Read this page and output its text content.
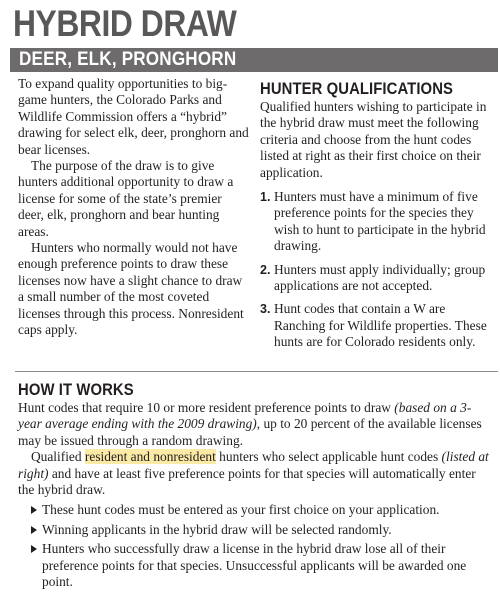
HYBRID DRAW
DEER, ELK, PRONGHORN

To expand quality opportunities to big-game hunters, the Colorado Parks and Wildlife Commission offers a “hybrid” drawing for select elk, deer, pronghorn and bear licenses.

The purpose of the draw is to give hunters additional opportunity to draw a license for some of the state’s premier deer, elk, pronghorn and bear hunting areas.

Hunters who normally would not have enough preference points to draw these licenses now have a slight chance to draw a small number of the most coveted licenses through this process. Nonresident caps apply.

HUNTER QUALIFICATIONS

Qualified hunters wishing to participate in the hybrid draw must meet the following criteria and choose from the hunt codes listed at right as their first choice on their application.

1. Hunters must have a minimum of five preference points for the species they wish to hunt to participate in the hybrid drawing.
2. Hunters must apply individually; group applications are not accepted.
3. Hunt codes that contain a W are Ranching for Wildlife properties. These hunts are for Colorado residents only.
HOW IT WORKS

Hunt codes that require 10 or more resident preference points to draw (based on a 3-year average ending with the 2009 drawing), up to 20 percent of the available licenses may be issued through a random drawing.

Qualified resident and nonresident hunters who select applicable hunt codes (listed at right) and have at least five preference points for that species will automatically enter the hybrid draw.

These hunt codes must be entered as your first choice on your application.
Winning applicants in the hybrid draw will be selected randomly.
Hunters who successfully draw a license in the hybrid draw lose all of their preference points for that species. Unsuccessful applicants will be awarded one point.
